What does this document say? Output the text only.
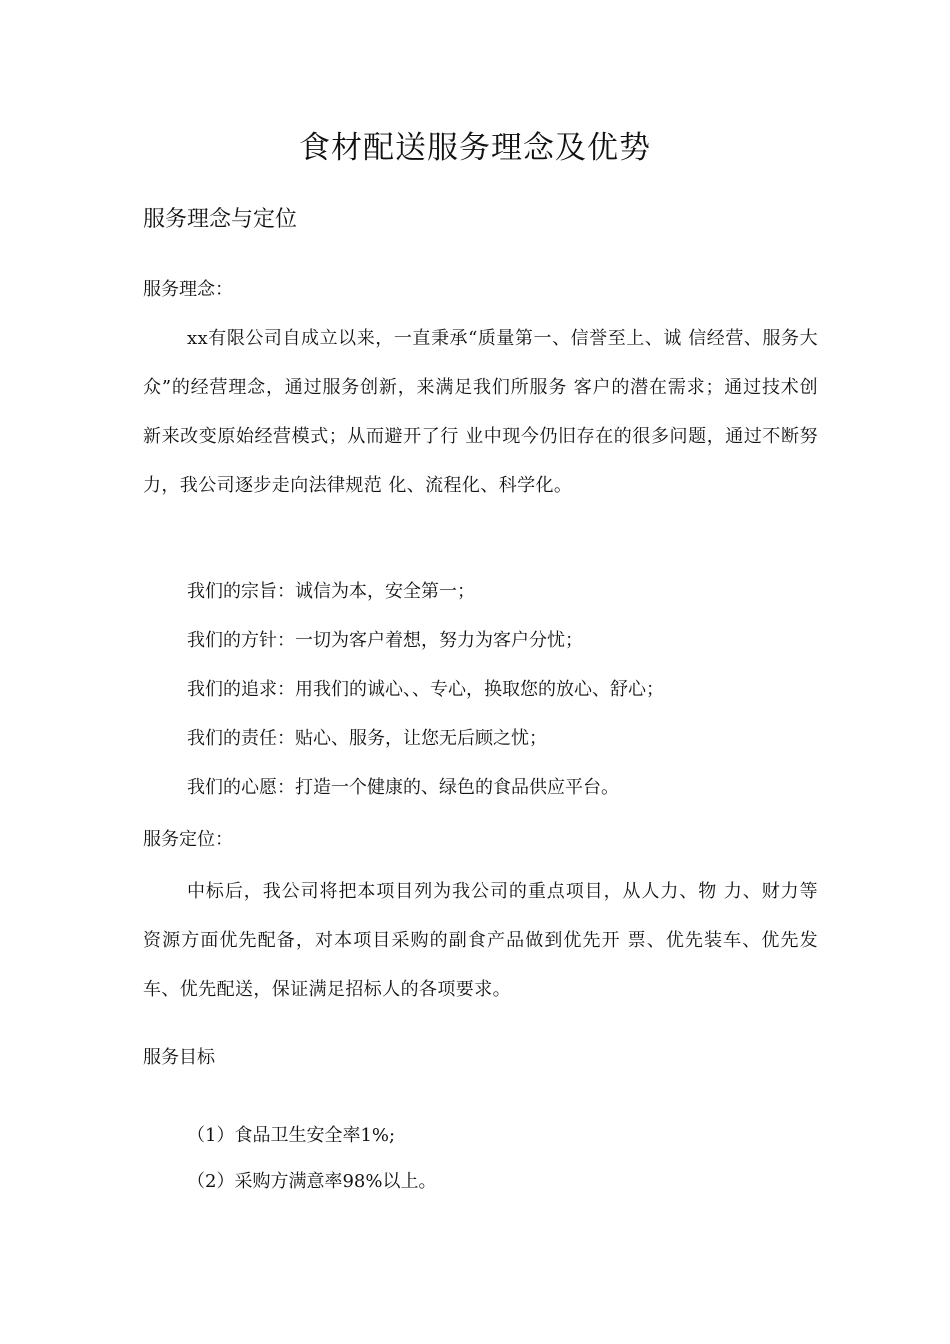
食材配送服务理念及优势
服务理念与定位
服务理念：
xx有限公司自成立以来，一直秉承“质量第一、信誉至上、诚 信经营、服务大众”的经营理念，通过服务创新，来满足我们所服务 客户的潜在需求；通过技术创新来改变原始经营模式；从而避开了行 业中现今仍旧存在的很多问题，通过不断努力，我公司逐步走向法律规范 化、流程化、科学化。
我们的宗旨：诚信为本，安全第一；
我们的方针：一切为客户着想，努力为客户分忧；
我们的追求：用我们的诚心、、专心，换取您的放心、舒心；
我们的责任：贴心、服务，让您无后顾之忧；
我们的心愿：打造一个健康的、绿色的食品供应平台。
服务定位：
中标后，我公司将把本项目列为我公司的重点项目，从人力、物 力、财力等资源方面优先配备，对本项目采购的副食产品做到优先开 票、优先装车、优先发车、优先配送，保证满足招标人的各项要求。
服务目标
（1）食品卫生安全率1%;
（2）采购方满意率98%以上。
